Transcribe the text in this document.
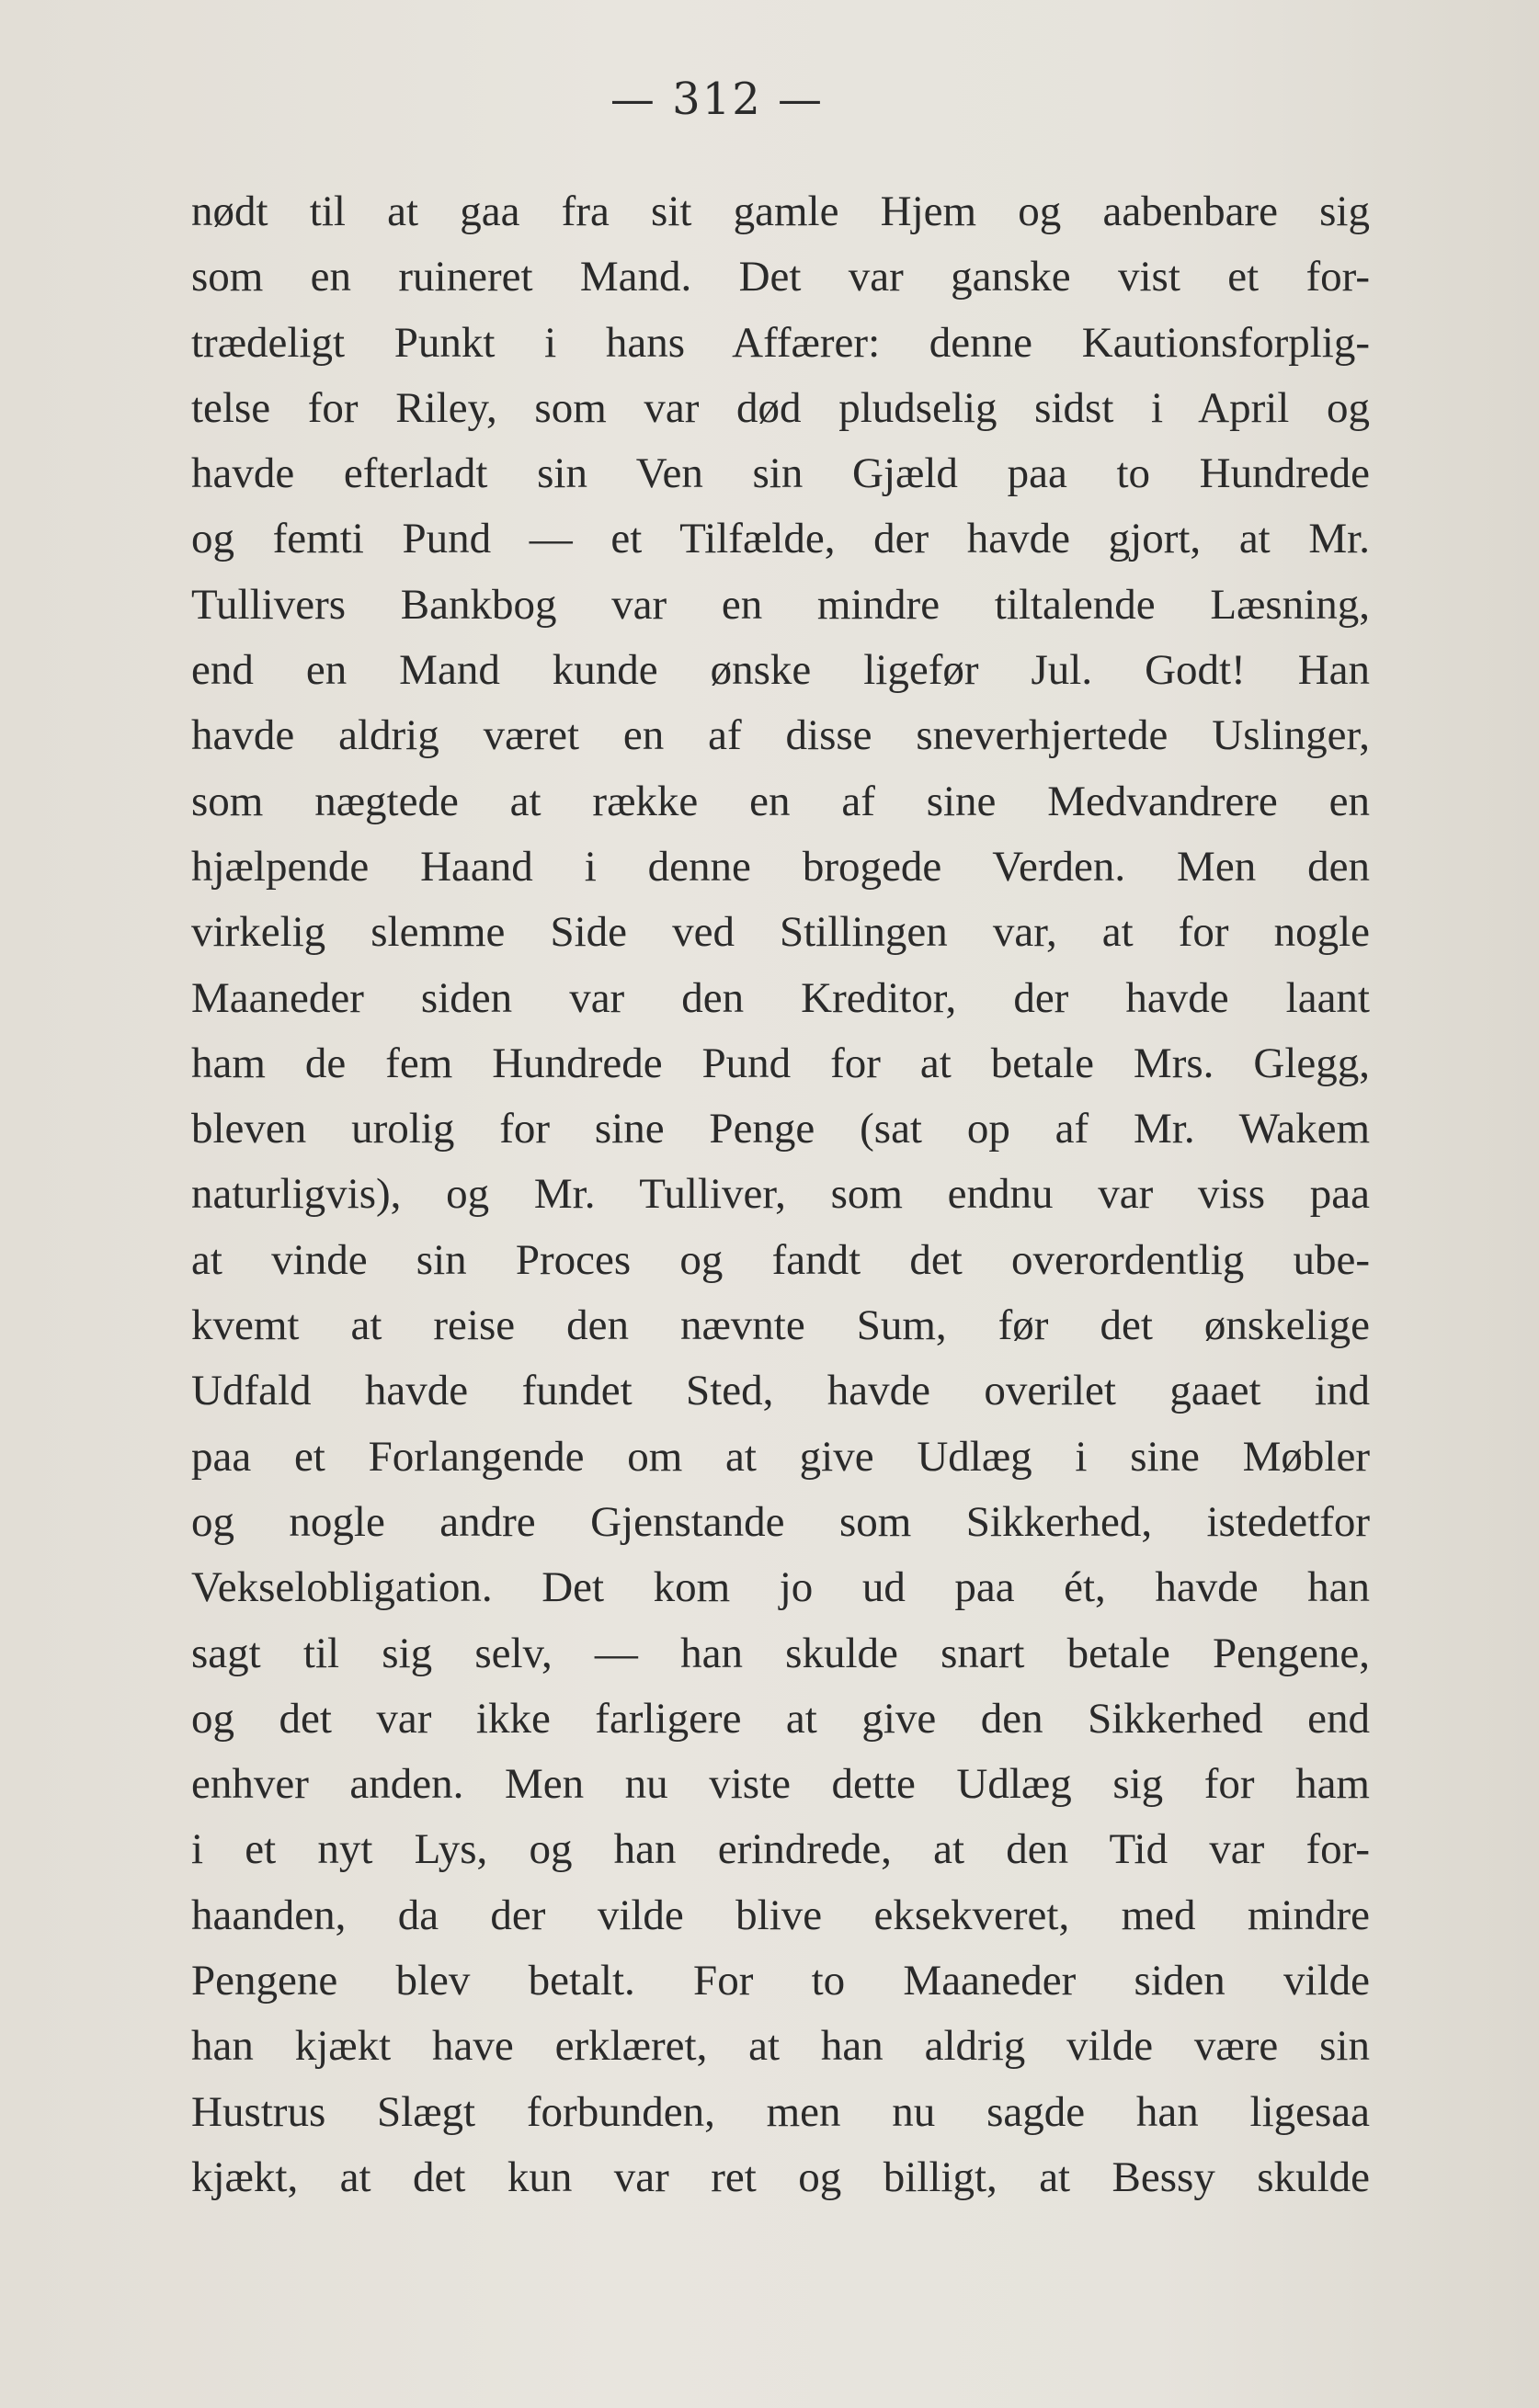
— 312 —
nødt til at gaa fra sit gamle Hjem og aabenbare sig
som en ruineret Mand. Det var ganske vist et for-
trædeligt Punkt i hans Affærer: denne Kautionsforplig-
telse for Riley, som var død pludselig sidst i April og
havde efterladt sin Ven sin Gjæld paa to Hundrede
og femti Pund — et Tilfælde, der havde gjort, at Mr.
Tullivers Bankbog var en mindre tiltalende Læsning,
end en Mand kunde ønske ligefør Jul. Godt! Han
havde aldrig været en af disse sneverhjertede Uslinger,
som nægtede at række en af sine Medvandrere en
hjælpende Haand i denne brogede Verden. Men den
virkelig slemme Side ved Stillingen var, at for nogle
Maaneder siden var den Kreditor, der havde laant
ham de fem Hundrede Pund for at betale Mrs. Glegg,
bleven urolig for sine Penge (sat op af Mr. Wakem
naturligvis), og Mr. Tulliver, som endnu var viss paa
at vinde sin Proces og fandt det overordentlig ube-
kvemt at reise den nævnte Sum, før det ønskelige
Udfald havde fundet Sted, havde overilet gaaet ind
paa et Forlangende om at give Udlæg i sine Møbler
og nogle andre Gjenstande som Sikkerhed, istedetfor
Vekselobligation. Det kom jo ud paa ét, havde han
sagt til sig selv, — han skulde snart betale Pengene,
og det var ikke farligere at give den Sikkerhed end
enhver anden. Men nu viste dette Udlæg sig for ham
i et nyt Lys, og han erindrede, at den Tid var for-
haanden, da der vilde blive eksekveret, med mindre
Pengene blev betalt. For to Maaneder siden vilde
han kjækt have erklæret, at han aldrig vilde være sin
Hustrus Slægt forbunden, men nu sagde han ligesaa
kjækt, at det kun var ret og billigt, at Bessy skulde
